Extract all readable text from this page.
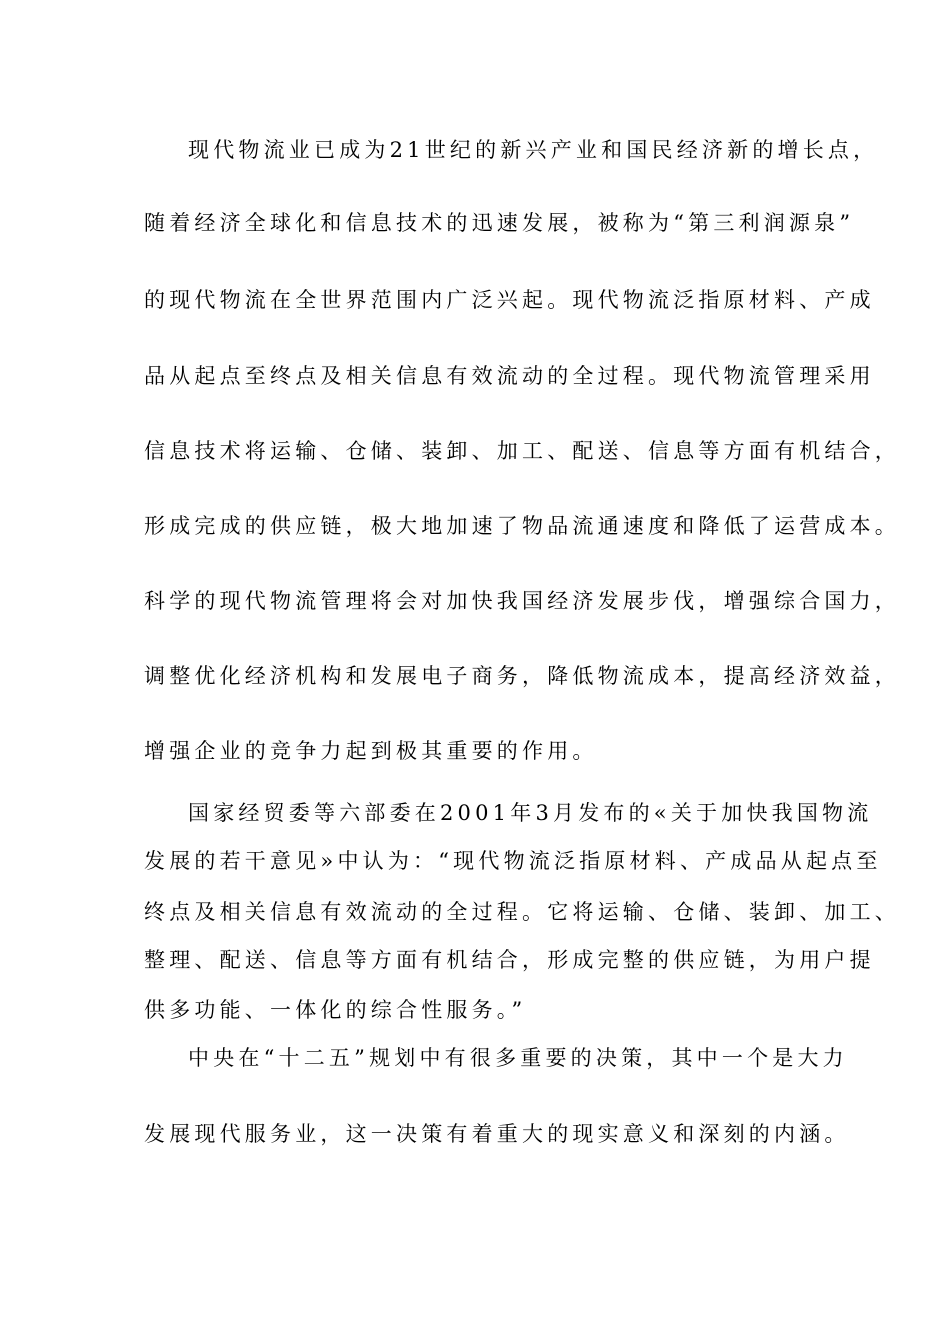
现代物流业已成为21世纪的新兴产业和国民经济新的增长点，
随着经济全球化和信息技术的迅速发展，被称为“第三利润源泉”
的现代物流在全世界范围内广泛兴起。现代物流泛指原材料、产成
品从起点至终点及相关信息有效流动的全过程。现代物流管理采用
信息技术将运输、仓储、装卸、加工、配送、信息等方面有机结合，
形成完成的供应链，极大地加速了物品流通速度和降低了运营成本。
科学的现代物流管理将会对加快我国经济发展步伐，增强综合国力，
调整优化经济机构和发展电子商务，降低物流成本，提高经济效益，
增强企业的竞争力起到极其重要的作用。
国家经贸委等六部委在2001年3月发布的«关于加快我国物流
发展的若干意见»中认为：“现代物流泛指原材料、产成品从起点至
终点及相关信息有效流动的全过程。它将运输、仓储、装卸、加工、
整理、配送、信息等方面有机结合，形成完整的供应链，为用户提
供多功能、一体化的综合性服务。”
中央在“十二五”规划中有很多重要的决策，其中一个是大力
发展现代服务业，这一决策有着重大的现实意义和深刻的内涵。
